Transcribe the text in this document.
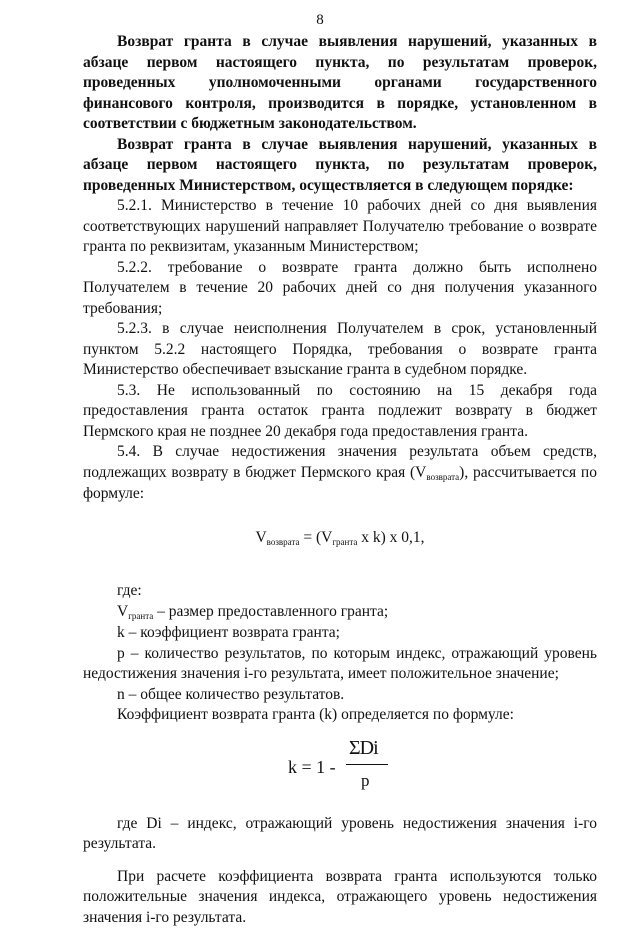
8

Возврат гранта в случае выявления нарушений, указанных в абзаце первом настоящего пункта, по результатам проверок, проведенных уполномоченными органами государственного финансового контроля, производится в порядке, установленном в соответствии с бюджетным законодательством.

Возврат гранта в случае выявления нарушений, указанных в абзаце первом настоящего пункта, по результатам проверок, проведенных Министерством, осуществляется в следующем порядке:

5.2.1. Министерство в течение 10 рабочих дней со дня выявления соответствующих нарушений направляет Получателю требование о возврате гранта по реквизитам, указанным Министерством;

5.2.2. требование о возврате гранта должно быть исполнено Получателем в течение 20 рабочих дней со дня получения указанного требования;

5.2.3. в случае неисполнения Получателем в срок, установленный пунктом 5.2.2 настоящего Порядка, требования о возврате гранта Министерство обеспечивает взыскание гранта в судебном порядке.

5.3. Не использованный по состоянию на 15 декабря года предоставления гранта остаток гранта подлежит возврату в бюджет Пермского края не позднее 20 декабря года предоставления гранта.

5.4. В случае недостижения значения результата объем средств, подлежащих возврату в бюджет Пермского края (Vвозврата), рассчитывается по формуле:

Vвозврата = (Vгранта x k) x 0,1,

где:

Vгранта – размер предоставленного гранта;

k – коэффициент возврата гранта;

р – количество результатов, по которым индекс, отражающий уровень недостижения значения i-го результата, имеет положительное значение;

n – общее количество результатов.

Коэффициент возврата гранта (k) определяется по формуле:

k = 1 -
ΣDi
р

где Di – индекс, отражающий уровень недостижения значения i-го результата.

При расчете коэффициента возврата гранта используются только положительные значения индекса, отражающего уровень недостижения значения i-го результата.
